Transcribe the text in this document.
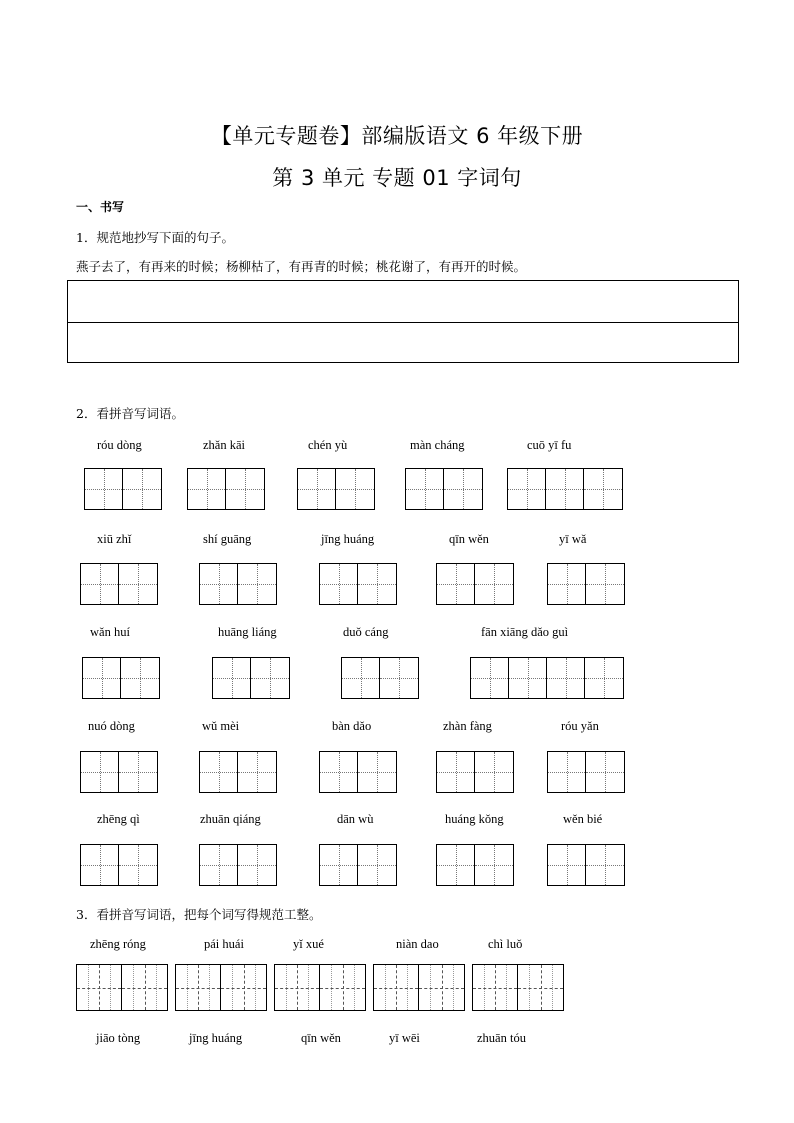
【单元专题卷】部编版语文 6 年级下册
第 3 单元 专题 01 字词句
一、书写
1．规范地抄写下面的句子。
燕子去了，有再来的时候；杨柳枯了，有再青的时候；桃花谢了，有再开的时候。
2．看拼音写词语。
róu dòng	zhǎn kāi	chén yù	màn cháng	cuō yī fu
xiū zhǐ	shí guāng	jīng huáng	qīn wěn	yī wǎ
wǎn huí	huāng liáng	duǒ cáng	fān xiāng dǎo guì
nuó dòng	wǔ mèi	bàn dǎo	zhàn fàng	róu yǎn
zhēng qì	zhuān qiáng	dān wù	huáng kǒng	wěn bié
3．看拼音写词语，把每个词写得规范工整。
zhēng róng	pái huái	yǐ xué	niàn dao	chì luǒ
jiāo tòng	jīng huáng	qīn wěn	yī wēi	zhuān tóu
